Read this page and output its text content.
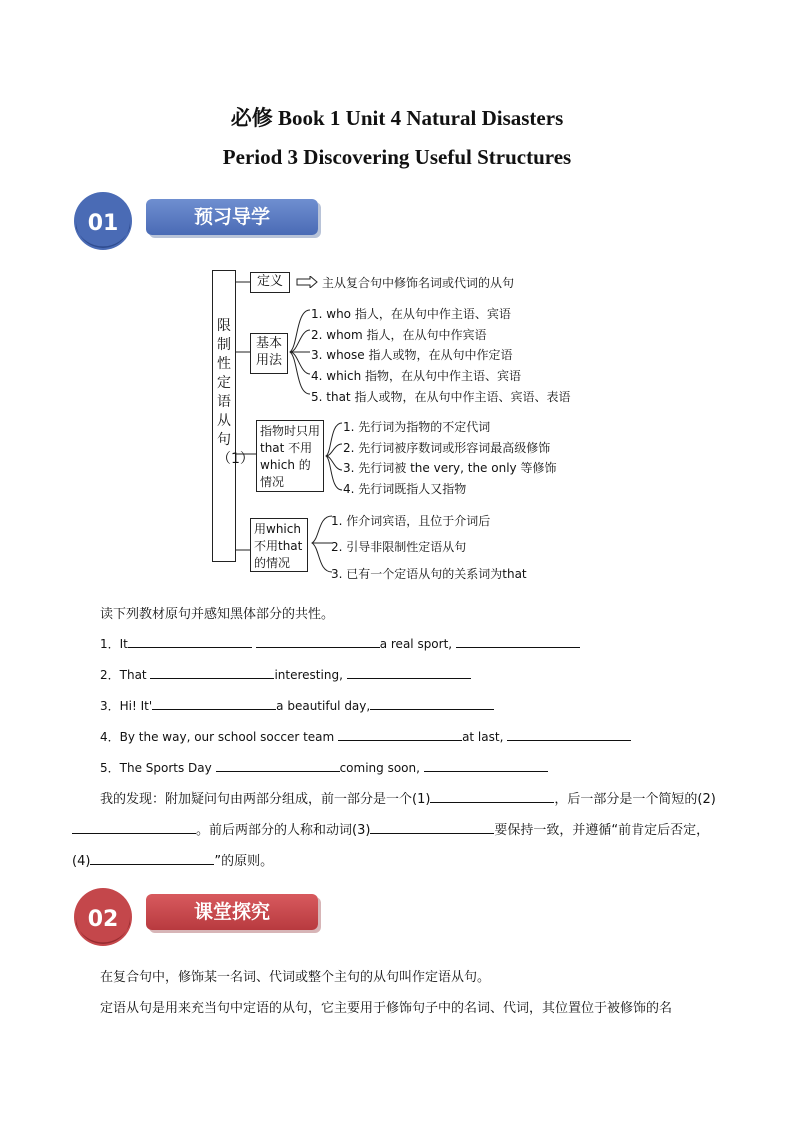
必修 Book 1 Unit 4 Natural Disasters
Period 3 Discovering Useful Structures
01	预习导学
限制性定语从句（1）
定义	主从复合句中修饰名词或代词的从句
基本用法
1. who 指人，在从句中作主语、宾语
2. whom 指人，在从句中作宾语
3. whose 指人或物，在从句中作定语
4. which 指物，在从句中作主语、宾语
5. that 指人或物，在从句中作主语、宾语、表语
指物时只用 that 不用 which 的情况
1. 先行词为指物的不定代词
2. 先行词被序数词或形容词最高级修饰
3. 先行词被 the very, the only 等修饰
4. 先行词既指人又指物
用which不用that的情况
1. 作介词宾语，且位于介词后
2. 引导非限制性定语从句
3. 已有一个定语从句的关系词为that
读下列教材原句并感知黑体部分的共性。
1．It	a real sport,
2．That	interesting,
3．Hi! It'	a beautiful day,
4．By the way, our school soccer team	at last,
5．The Sports Day	coming soon,
我的发现：附加疑问句由两部分组成，前一部分是一个(1)	，后一部分是一个简短的(2)。前后两部分的人称和动词(3)	要保持一致，并遵循“前肯定后否定，(4)	”的原则。
02	课堂探究
在复合句中，修饰某一名词、代词或整个主句的从句叫作定语从句。
定语从句是用来充当句中定语的从句，它主要用于修饰句子中的名词、代词，其位置位于被修饰的名
